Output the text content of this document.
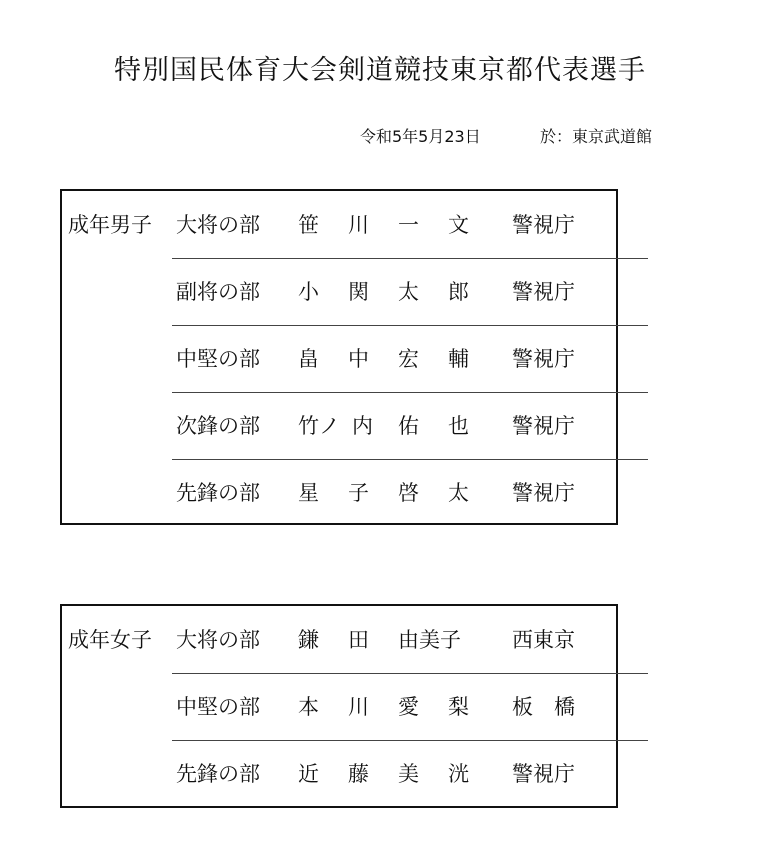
特別国民体育大会剣道競技東京都代表選手
令和5年5月23日	於：東京武道館
成年男子 大将の部 笹 川 一 文 警視庁
副将の部 小 関 太 郎 警視庁
中堅の部 畠 中 宏 輔 警視庁
次鋒の部 竹ノ 内 佑 也 警視庁
先鋒の部 星 子 啓 太 警視庁
成年女子 大将の部 鎌 田 由美子 西東京
中堅の部 本 川 愛 梨 板　橋
先鋒の部 近 藤 美 洸 警視庁
